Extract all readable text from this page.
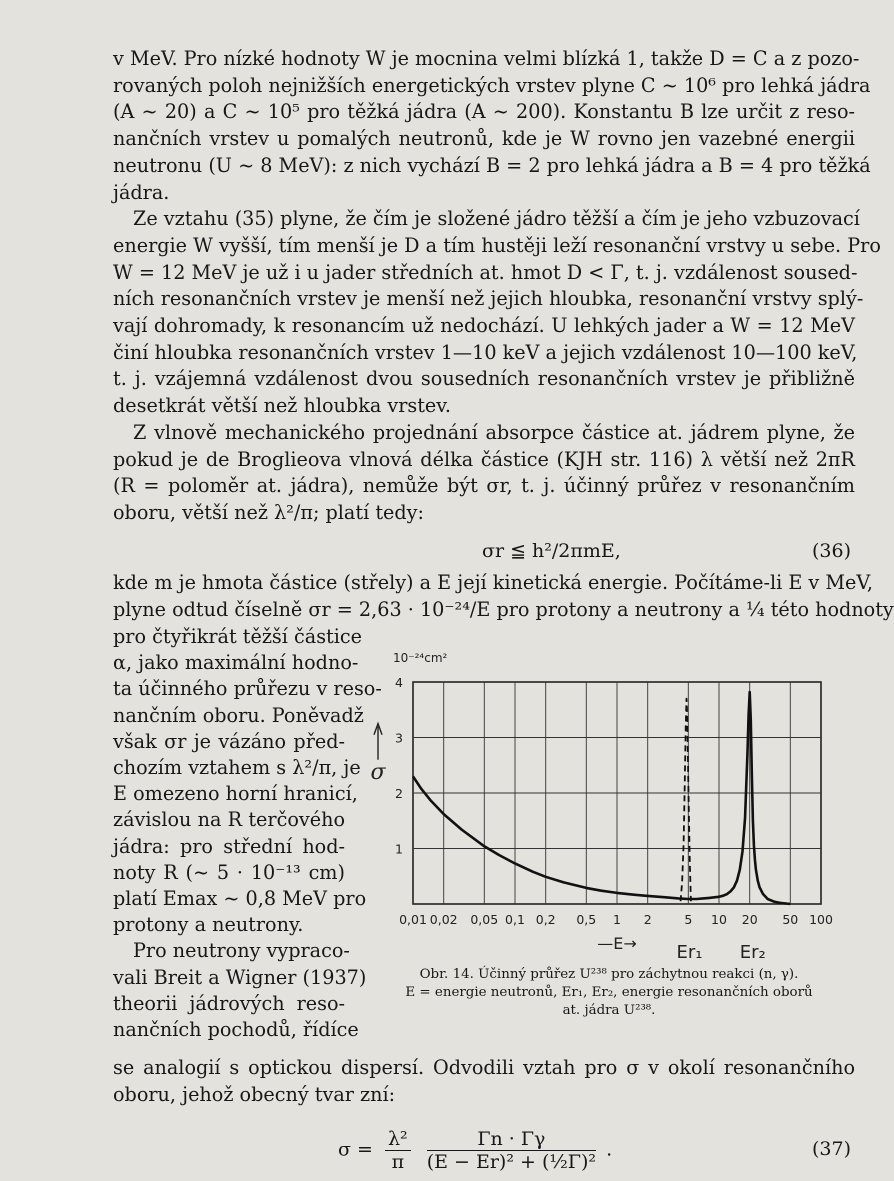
v MeV. Pro nízké hodnoty W je mocnina velmi blízká 1, takže D = C a z pozo-
rovaných poloh nejnižších energetických vrstev plyne C ~ 10⁶ pro lehká jádra
(A ~ 20) a C ~ 10⁵ pro těžká jádra (A ~ 200). Konstantu B lze určit z reso-
nančních vrstev u pomalých neutronů, kde je W rovno jen vazebné energii
neutronu (U ~ 8 MeV): z nich vychází B = 2 pro lehká jádra a B = 4 pro těžká
jádra.
Ze vztahu (35) plyne, že čím je složené jádro těžší a čím je jeho vzbuzovací
energie W vyšší, tím menší je D a tím hustěji leží resonanční vrstvy u sebe. Pro
W = 12 MeV je už i u jader středních at. hmot D < Γ, t. j. vzdálenost soused-
ních resonančních vrstev je menší než jejich hloubka, resonanční vrstvy splý-
vají dohromady, k resonancím už nedochází. U lehkých jader a W = 12 MeV
činí hloubka resonančních vrstev 1—10 keV a jejich vzdálenost 10—100 keV,
t. j. vzájemná vzdálenost dvou sousedních resonančních vrstev je přibližně
desetkrát větší než hloubka vrstev.
Z vlnově mechanického projednání absorpce částice at. jádrem plyne, že
pokud je de Broglieova vlnová délka částice (KJH str. 116) λ větší než 2πR
(R = poloměr at. jádra), nemůže být σr, t. j. účinný průřez v resonančním
oboru, větší než λ²/π; platí tedy:
σr ≦ h²/2πmE,	(36)
kde m je hmota částice (střely) a E její kinetická energie. Počítáme-li E v MeV,
plyne odtud číselně σr = 2,63 · 10⁻²⁴/E pro protony a neutrony a ¼ této hodnoty
pro čtyřikrát těžší částice
α, jako maximální hodno-
ta účinného průřezu v reso-
nančním oboru. Poněvadž
však σr je vázáno před-
chozím vztahem s λ²/π, je
E omezeno horní hranicí,
závislou na R terčového
jádra: pro střední hod-
noty R (~ 5 · 10⁻¹³ cm)
platí Emax ~ 0,8 MeV pro
protony a neutrony.
Pro neutrony vypraco-
vali Breit a Wigner (1937)
theorii jádrových reso-
nančních pochodů, řídíce
se analogií s optickou dispersí. Odvodili vztah pro σ v okolí resonančního
oboru, jehož obecný tvar zní:
0,01 0,02 0,05 0,1 0,2 0,5 1 2	5 10 20 50 100
1
2
3
4
10⁻²⁴cm²
σ
—E→ Er₁ Er₂
Obr. 14. Účinný průřez U²³⁸ pro záchytnou reakci (n, γ).
E = energie neutronů, Er₁, Er₂, energie resonančních oborů
at. jádra U²³⁸.
$\sigma = \frac{\text{λ²}}{\pi}$
$\frac{\Gamma n \cdot \Gamma\gamma}{\text{(E − Er)² + (½Γ)²}}$ .	(37)
